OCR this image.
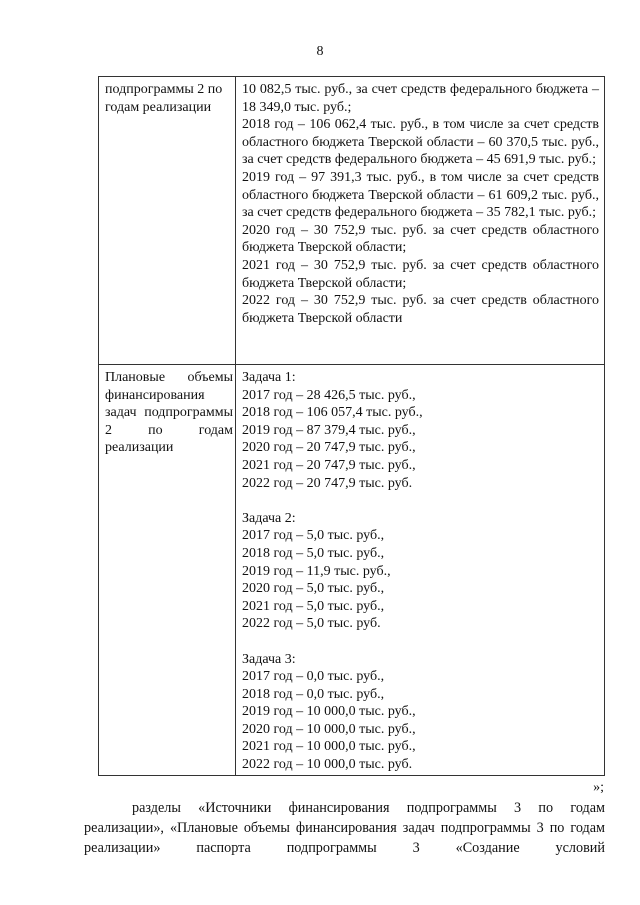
8
подпрограммы 2 по годам реализации
10 082,5 тыс. руб., за счет средств федерального бюджета – 18 349,0 тыс. руб.;
2018 год – 106 062,4 тыс. руб., в том числе за счет средств областного бюджета Тверской области – 60 370,5 тыс. руб., за счет средств федерального бюджета – 45 691,9 тыс. руб.;
2019 год – 97 391,3 тыс. руб., в том числе за счет средств областного бюджета Тверской области – 61 609,2 тыс. руб., за счет средств федерального бюджета – 35 782,1 тыс. руб.;
2020 год – 30 752,9 тыс. руб. за счет средств областного бюджета Тверской области;
2021 год – 30 752,9 тыс. руб. за счет средств областного бюджета Тверской области;
2022 год – 30 752,9 тыс. руб. за счет средств областного бюджета Тверской области
Плановые объемы финансирования задач подпрограммы 2 по годам реализации
Задача 1:
2017 год – 28 426,5 тыс. руб.,
2018 год – 106 057,4 тыс. руб.,
2019 год – 87 379,4 тыс. руб.,
2020 год – 20 747,9 тыс. руб.,
2021 год – 20 747,9 тыс. руб.,
2022 год – 20 747,9 тыс. руб.
Задача 2:
2017 год – 5,0 тыс. руб.,
2018 год – 5,0 тыс. руб.,
2019 год – 11,9 тыс. руб.,
2020 год – 5,0 тыс. руб.,
2021 год – 5,0 тыс. руб.,
2022 год – 5,0 тыс. руб.
Задача 3:
2017 год – 0,0 тыс. руб.,
2018 год – 0,0 тыс. руб.,
2019 год – 10 000,0 тыс. руб.,
2020 год – 10 000,0 тыс. руб.,
2021 год – 10 000,0 тыс. руб.,
2022 год – 10 000,0 тыс. руб.
»;
разделы «Источники финансирования подпрограммы 3 по годам реализации», «Плановые объемы финансирования задач подпрограммы 3 по годам реализации» паспорта подпрограммы 3 «Создание условий
